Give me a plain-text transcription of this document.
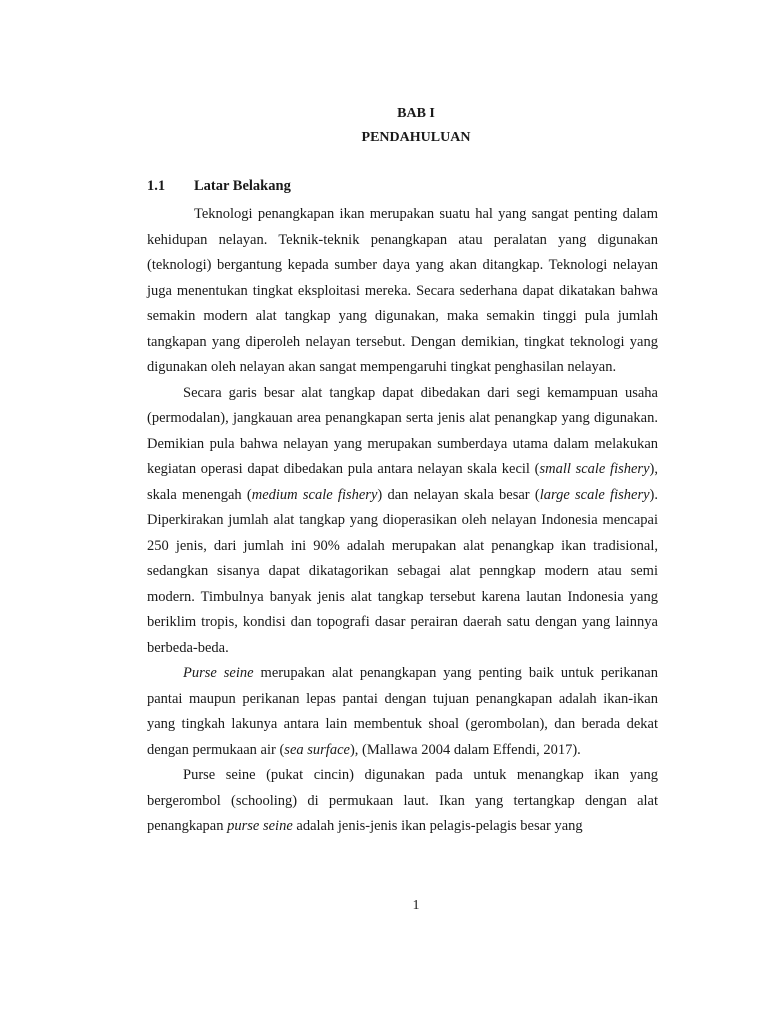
BAB I
PENDAHULUAN
1.1 Latar Belakang

Teknologi penangkapan ikan merupakan suatu hal yang sangat penting dalam kehidupan nelayan. Teknik-teknik penangkapan atau peralatan yang digunakan (teknologi) bergantung kepada sumber daya yang akan ditangkap. Teknologi nelayan juga menentukan tingkat eksploitasi mereka. Secara sederhana dapat dikatakan bahwa semakin modern alat tangkap yang digunakan, maka semakin tinggi pula jumlah tangkapan yang diperoleh nelayan tersebut. Dengan demikian, tingkat teknologi yang digunakan oleh nelayan akan sangat mempengaruhi tingkat penghasilan nelayan.

Secara garis besar alat tangkap dapat dibedakan dari segi kemampuan usaha (permodalan), jangkauan area penangkapan serta jenis alat penangkap yang digunakan. Demikian pula bahwa nelayan yang merupakan sumberdaya utama dalam melakukan kegiatan operasi dapat dibedakan pula antara nelayan skala kecil (small scale fishery), skala menengah (medium scale fishery) dan nelayan skala besar (large scale fishery). Diperkirakan jumlah alat tangkap yang dioperasikan oleh nelayan Indonesia mencapai 250 jenis, dari jumlah ini 90% adalah merupakan alat penangkap ikan tradisional, sedangkan sisanya dapat dikatagorikan sebagai alat penngkap modern atau semi modern. Timbulnya banyak jenis alat tangkap tersebut karena lautan Indonesia yang beriklim tropis, kondisi dan topografi dasar perairan daerah satu dengan yang lainnya berbeda-beda.

Purse seine merupakan alat penangkapan yang penting baik untuk perikanan pantai maupun perikanan lepas pantai dengan tujuan penangkapan adalah ikan-ikan yang tingkah lakunya antara lain membentuk shoal (gerombolan), dan berada dekat dengan permukaan air (sea surface), (Mallawa 2004 dalam Effendi, 2017).

Purse seine (pukat cincin) digunakan pada untuk menangkap ikan yang bergerombol (schooling) di permukaan laut. Ikan yang tertangkap dengan alat penangkapan purse seine adalah jenis-jenis ikan pelagis-pelagis besar yang

1
